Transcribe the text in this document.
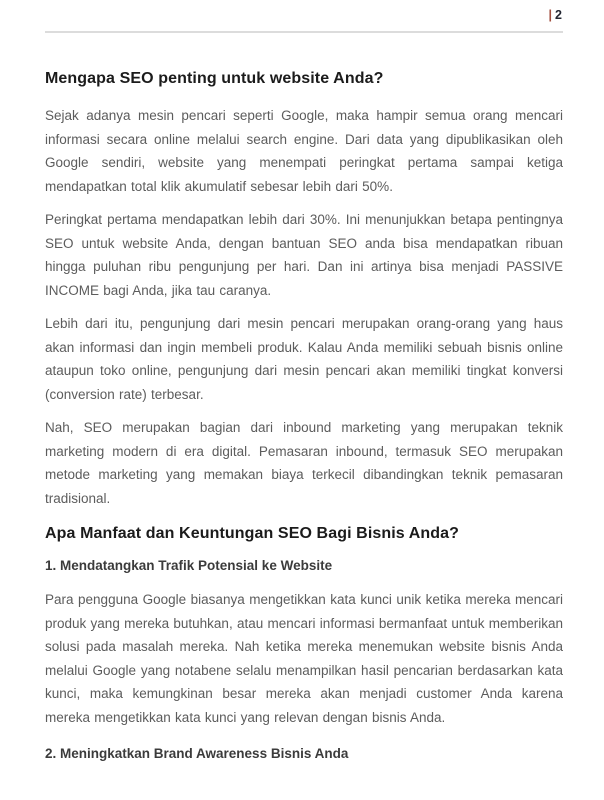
| 2
Mengapa SEO penting untuk website Anda?

Sejak adanya mesin pencari seperti Google, maka hampir semua orang mencari informasi secara online melalui search engine. Dari data yang dipublikasikan oleh Google sendiri, website yang menempati peringkat pertama sampai ketiga mendapatkan total klik akumulatif sebesar lebih dari 50%.

Peringkat pertama mendapatkan lebih dari 30%. Ini menunjukkan betapa pentingnya SEO untuk website Anda, dengan bantuan SEO anda bisa mendapatkan ribuan hingga puluhan ribu pengunjung per hari. Dan ini artinya bisa menjadi PASSIVE INCOME bagi Anda, jika tau caranya.

Lebih dari itu, pengunjung dari mesin pencari merupakan orang-orang yang haus akan informasi dan ingin membeli produk. Kalau Anda memiliki sebuah bisnis online ataupun toko online, pengunjung dari mesin pencari akan memiliki tingkat konversi (conversion rate) terbesar.

Nah, SEO merupakan bagian dari inbound marketing yang merupakan teknik marketing modern di era digital. Pemasaran inbound, termasuk SEO merupakan metode marketing yang memakan biaya terkecil dibandingkan teknik pemasaran tradisional.

Apa Manfaat dan Keuntungan SEO Bagi Bisnis Anda?
1. Mendatangkan Trafik Potensial ke Website

Para pengguna Google biasanya mengetikkan kata kunci unik ketika mereka mencari produk yang mereka butuhkan, atau mencari informasi bermanfaat untuk memberikan solusi pada masalah mereka. Nah ketika mereka menemukan website bisnis Anda melalui Google yang notabene selalu menampilkan hasil pencarian berdasarkan kata kunci, maka kemungkinan besar mereka akan menjadi customer Anda karena mereka mengetikkan kata kunci yang relevan dengan bisnis Anda.

2. Meningkatkan Brand Awareness Bisnis Anda
